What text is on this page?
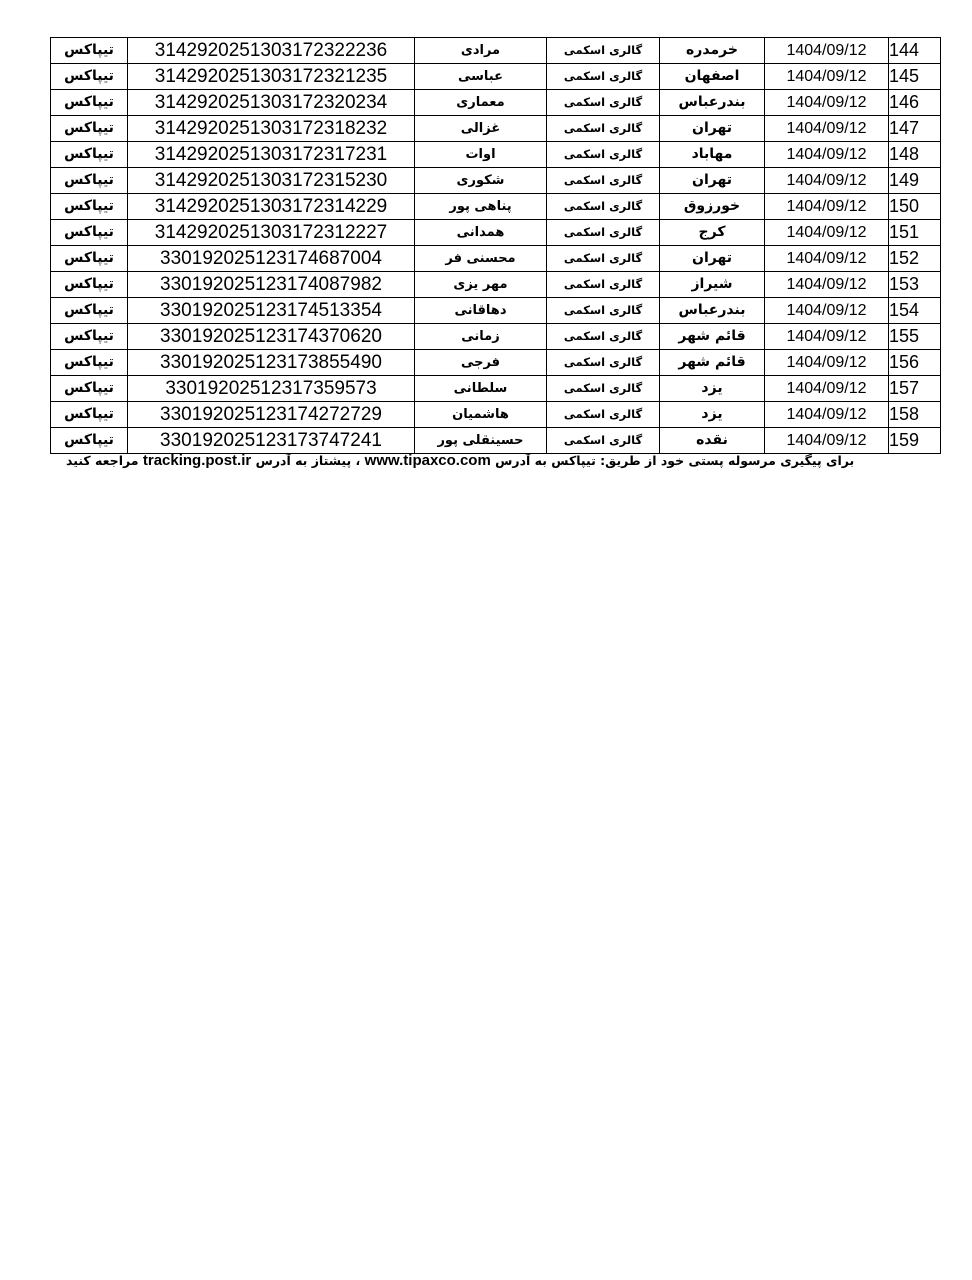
تیپاکس	3142920251303172322236	مرادی	گالری اسکمی	خرمدره	1404/09/12	144
تیپاکس	3142920251303172321235	عباسی	گالری اسکمی	اصفهان	1404/09/12	145
تیپاکس	3142920251303172320234	معماری	گالری اسکمی	بندرعباس	1404/09/12	146
تیپاکس	3142920251303172318232	غزالی	گالری اسکمی	تهران	1404/09/12	147
تیپاکس	3142920251303172317231	اوات	گالری اسکمی	مهاباد	1404/09/12	148
تیپاکس	3142920251303172315230	شکوری	گالری اسکمی	تهران	1404/09/12	149
تیپاکس	3142920251303172314229	پناهی پور	گالری اسکمی	خورزوق	1404/09/12	150
تیپاکس	3142920251303172312227	همدانی	گالری اسکمی	کرج	1404/09/12	151
تیپاکس	330192025123174687004	محسنی فر	گالری اسکمی	تهران	1404/09/12	152
تیپاکس	330192025123174087982	مهر یزی	گالری اسکمی	شیراز	1404/09/12	153
تیپاکس	330192025123174513354	دهاقانی	گالری اسکمی	بندرعباس	1404/09/12	154
تیپاکس	330192025123174370620	زمانی	گالری اسکمی	قائم شهر	1404/09/12	155
تیپاکس	330192025123173855490	فرجی	گالری اسکمی	قائم شهر	1404/09/12	156
تیپاکس	33019202512317359573	سلطانی	گالری اسکمی	یزد	1404/09/12	157
تیپاکس	330192025123174272729	هاشمیان	گالری اسکمی	یزد	1404/09/12	158
تیپاکس	330192025123173747241	حسینقلی پور	گالری اسکمی	نقده	1404/09/12	159
برای پیگیری مرسوله پستی خود از طریق: تیپاکس به آدرس www.tipaxco.com ، پیشتاز به آدرس tracking.post.ir مراجعه کنید
